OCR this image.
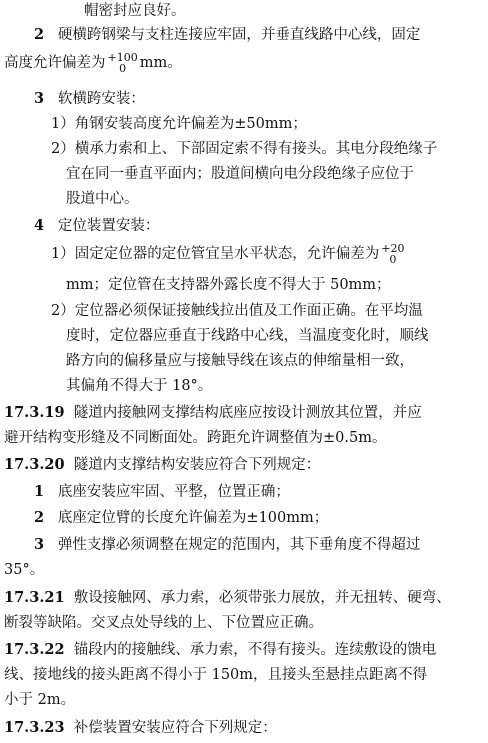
帽密封应良好。
2 硬横跨钢梁与支柱连接应牢固，并垂直线路中心线，固定
高度允许偏差为 +100
0 mm。
3 软横跨安装：
1）角钢安装高度允许偏差为±50mm；
2）横承力索和上、下部固定索不得有接头。其电分段绝缘子
宜在同一垂直平面内；股道间横向电分段绝缘子应位于
股道中心。
4 定位装置安装：
1）固定定位器的定位管宜呈水平状态，允许偏差为 +20
0
mm；定位管在支持器外露长度不得大于 50mm；
2）定位器必须保证接触线拉出值及工作面正确。在平均温
度时，定位器应垂直于线路中心线，当温度变化时，顺线
路方向的偏移量应与接触导线在该点的伸缩量相一致，
其偏角不得大于 18°。
17.3.19 隧道内接触网支撑结构底座应按设计测放其位置，并应
避开结构变形缝及不同断面处。跨距允许调整值为±0.5m。
17.3.20 隧道内支撑结构安装应符合下列规定：
1 底座安装应牢固、平整，位置正确；
2 底座定位臂的长度允许偏差为±100mm；
3 弹性支撑必须调整在规定的范围内，其下垂角度不得超过
35°。
17.3.21 敷设接触网、承力索，必须带张力展放，并无扭转、硬弯、
断裂等缺陷。交叉点处导线的上、下位置应正确。
17.3.22 锚段内的接触线、承力索，不得有接头。连续敷设的馈电
线、接地线的接头距离不得小于 150m，且接头至悬挂点距离不得
小于 2m。
17.3.23 补偿装置安装应符合下列规定：
